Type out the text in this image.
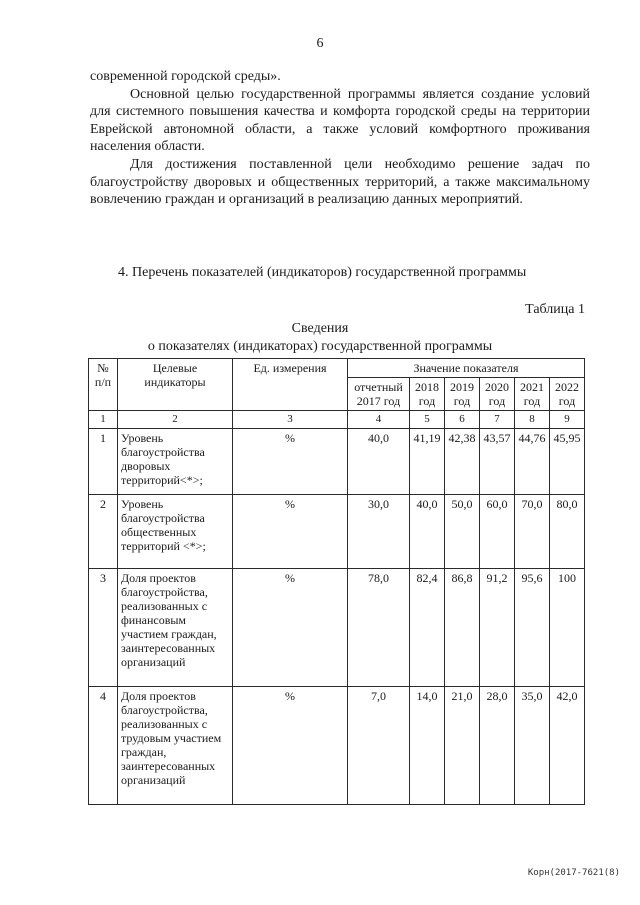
6

современной городской среды».

Основной целью государственной программы является создание условий для системного повышения качества и комфорта городской среды на территории Еврейской автономной области, а также условий комфортного проживания населения области.

Для достижения поставленной цели необходимо решение задач по благоустройству дворовых и общественных территорий, а также максимальному вовлечению граждан и организаций в реализацию данных мероприятий.

4. Перечень показателей (индикаторов) государственной программы
Таблица 1
Сведения
о показателях (индикаторах) государственной программы
№ п/п	Целевые индикаторы	Ед. измерения	Значение показателя					
			отчетный 2017 год	2018 год	2019 год	2020 год	2021 год	2022 год
1	2	3	4	5	6	7	8	9
1	Уровень благоустройства дворовых территорий<*>;	%	40,0	41,19	42,38	43,57	44,76	45,95
2	Уровень благоустройства общественных территорий <*>;	%	30,0	40,0	50,0	60,0	70,0	80,0
3	Доля проектов благоустройства, реализованных с финансовым участием граждан, заинтересованных организаций	%	78,0	82,4	86,8	91,2	95,6	100
4	Доля проектов благоустройства, реализованных с трудовым участием граждан, заинтересованных организаций	%	7,0	14,0	21,0	28,0	35,0	42,0
Корн(2017-7621(8)
